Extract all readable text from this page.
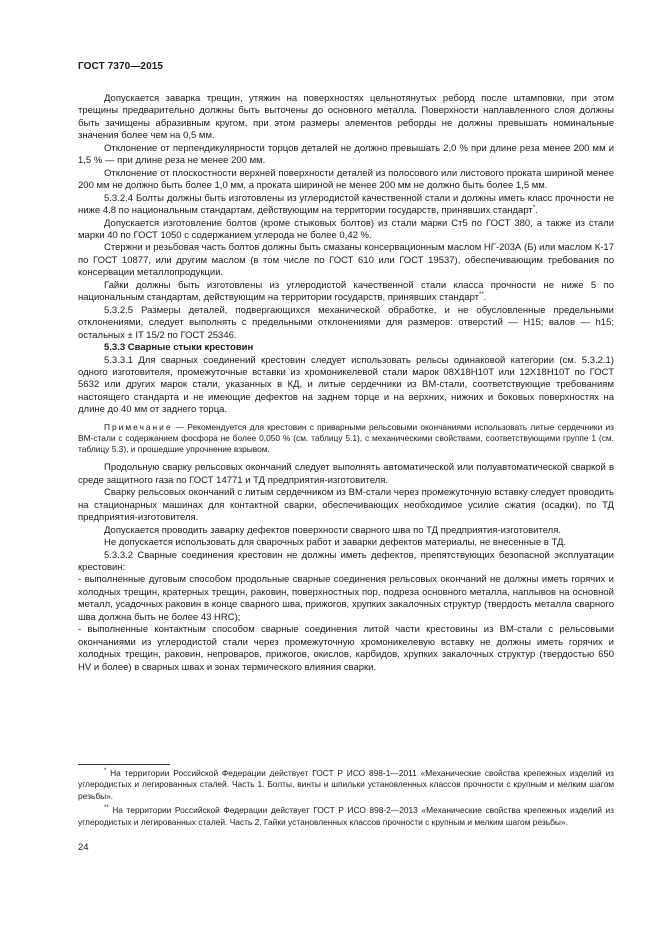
ГОСТ 7370—2015

Допускается заварка трещин, утяжин на поверхностях цельнотянутых реборд после штамповки, при этом трещины предварительно должны быть выточены до основного металла. Поверхности наплавленного слоя должны быть зачищены абразивным кругом, при этом размеры элементов реборды не должны превышать номинальные значения более чем на 0,5 мм.

Отклонение от перпендикулярности торцов деталей не должно превышать 2,0 % при длине реза менее 200 мм и 1,5 % — при длине реза не менее 200 мм.

Отклонение от плоскостности верхней поверхности деталей из полосового или листового проката шириной менее 200 мм не должно быть более 1,0 мм, а проката шириной не менее 200 мм не должно быть более 1,5 мм.

5.3.2.4 Болты должны быть изготовлены из углеродистой качественной стали и должны иметь класс прочности не ниже 4.8 по национальным стандартам, действующим на территории государств, принявших стандарт*.

Допускается изготовление болтов (кроме стыковых болтов) из стали марки Ст5 по ГОСТ 380, а также из стали марки 40 по ГОСТ 1050 с содержанием углерода не более 0,42 %.

Стержни и резьбовая часть болтов должны быть смазаны консервационным маслом НГ-203А (Б) или маслом К-17 по ГОСТ 10877, или другим маслом (в том числе по ГОСТ 610 или ГОСТ 19537), обеспечивающим требования по консервации металлопродукции.

Гайки должны быть изготовлены из углеродистой качественной стали класса прочности не ниже 5 по национальным стандартам, действующим на территории государств, принявших стандарт**.

5.3.2.5 Размеры деталей, подвергающихся механической обработке, и не обусловленные предельными отклонениями, следует выполнять с предельными отклонениями для размеров: отверстий — H15; валов — h15; остальных ± IT 15/2 по ГОСТ 25346.

5.3.3 Сварные стыки крестовин

5.3.3.1 Для сварных соединений крестовин следует использовать рельсы одинаковой категории (см. 5.3.2.1) одного изготовителя, промежуточные вставки из хромоникелевой стали марок 08Х18Н10Т или 12Х18Н10Т по ГОСТ 5632 или других марок стали, указанных в КД, и литые сердечники из ВМ-стали, соответствующие требованиям настоящего стандарта и не имеющие дефектов на заднем торце и на верхних, нижних и боковых поверхностях на длине до 40 мм от заднего торца.

Примечание — Рекомендуется для крестовин с приварными рельсовыми окончаниями использовать литые сердечники из ВМ-стали с содержанием фосфора не более 0,050 % (см. таблицу 5.1), с механическими свойствами, соответствующими группе 1 (см. таблицу 5.3), и прошедшие упрочнение взрывом.

Продольную сварку рельсовых окончаний следует выполнять автоматической или полуавтоматической сваркой в среде защитного газа по ГОСТ 14771 и ТД предприятия-изготовителя.

Сварку рельсовых окончаний с литым сердечником из ВМ-стали через промежуточную вставку следует проводить на стационарных машинах для контактной сварки, обеспечивающих необходимое усилие сжатия (осадки), по ТД предприятия-изготовителя.

Допускается проводить заварку дефектов поверхности сварного шва по ТД предприятия-изготовителя.

Не допускается использовать для сварочных работ и заварки дефектов материалы, не внесенные в ТД.

5.3.3.2 Сварные соединения крестовин не должны иметь дефектов, препятствующих безопасной эксплуатации крестовин:

- выполненные дуговым способом продольные сварные соединения рельсовых окончаний не должны иметь горячих и холодных трещин, кратерных трещин, раковин, поверхностных пор, подреза основного металла, наплывов на основной металл, усадочных раковин в конце сварного шва, прижогов, хрупких закалочных структур (твердость металла сварного шва должна быть не более 43 HRC);

- выполненные контактным способом сварные соединения литой части крестовины из ВМ-стали с рельсовыми окончаниями из углеродистой стали через промежуточную хромоникелевую вставку не должны иметь горячих и холодных трещин, раковин, непроваров, прижогов, окислов, карбидов, хрупких закалочных структур (твердостью 650 HV и более) в сварных швах и зонах термического влияния сварки.

* На территории Российской Федерации действует ГОСТ Р ИСО 898-1—2011 «Механические свойства крепежных изделий из углеродистых и легированных сталей. Часть 1. Болты, винты и шпильки установленных классов прочности с крупным и мелким шагом резьбы».

** На территории Российской Федерации действует ГОСТ Р ИСО 898-2—2013 «Механические свойства крепежных изделий из углеродистых и легированных сталей. Часть 2. Гайки установленных классов прочности с крупным и мелким шагом резьбы».

24
